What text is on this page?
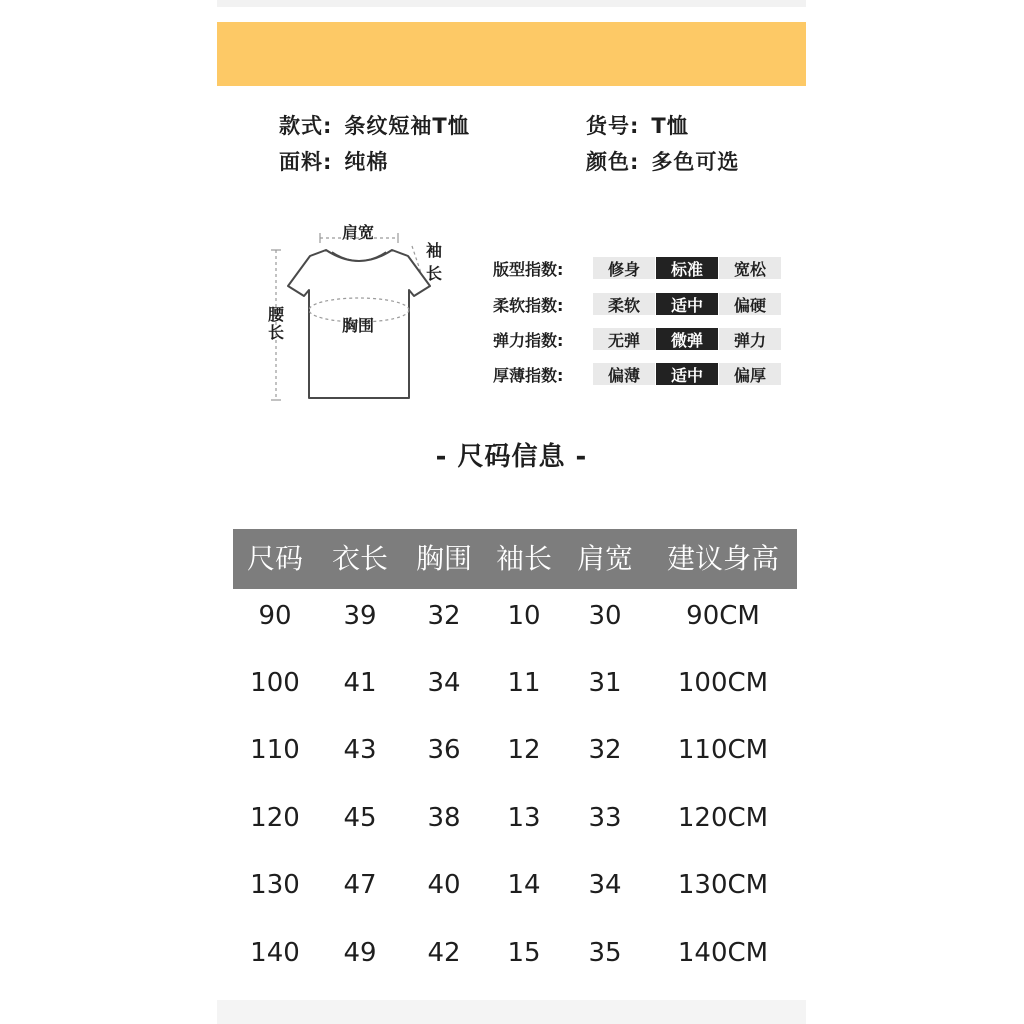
款式: 条纹短袖T恤	货号: T恤
面料: 纯棉	颜色: 多色可选
肩宽
袖长
腰
长	胸围
版型指数:	修身	标准	宽松
柔软指数:	柔软	适中	偏硬
弹力指数:	无弹	微弹	弹力
厚薄指数:	偏薄	适中	偏厚
- 尺码信息 -
尺码 衣长 胸围 袖长 肩宽 建议身高
90 39 32 10 30 90CM
100 41 34 11 31 100CM
110 43 36 12 32 110CM
120 45 38 13 33 120CM
130 47 40 14 34 130CM
140 49 42 15 35 140CM
